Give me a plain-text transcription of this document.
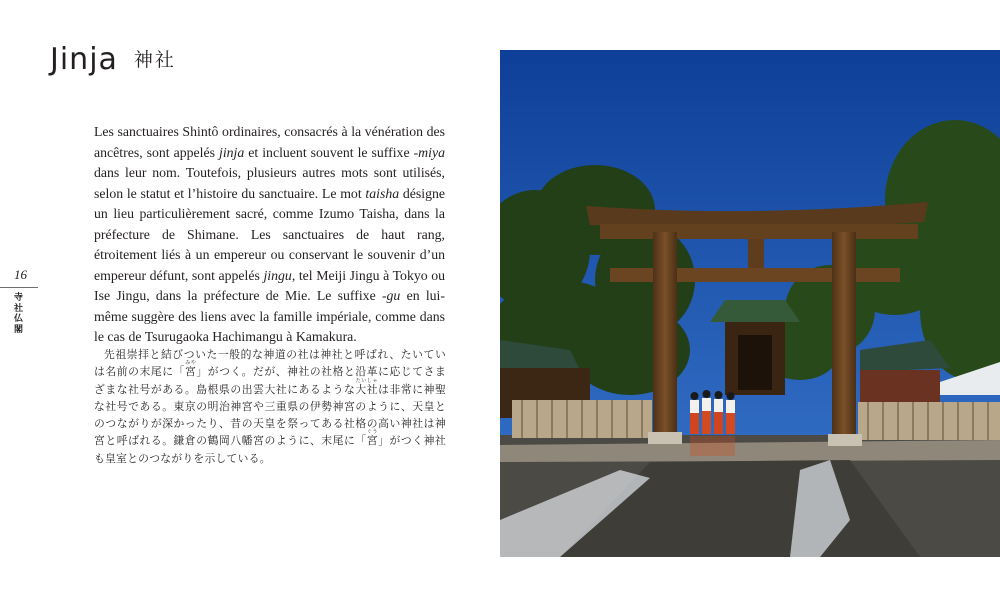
Jinja 神社

Les sanctuaires Shintô ordinaires, consacrés à la vénération des ancêtres, sont appelés jinja et incluent souvent le suffixe -miya dans leur nom. Toutefois, plusieurs autres mots sont utilisés, selon le statut et l’histoire du sanctuaire. Le mot taisha désigne un lieu particulièrement sacré, comme Izumo Taisha, dans la préfecture de Shimane. Les sanctuaires de haut rang, étroitement liés à un empereur ou conservant le souvenir d’un empereur défunt, sont appelés jingu, tel Meiji Jingu à Tokyo ou Ise Jingu, dans la préfecture de Mie. Le suffixe -gu en lui-même suggère des liens avec la famille impériale, comme dans le cas de Tsurugaoka Hachimangu à Kamakura.

先祖崇拝と結びついた一般的な神道の社は神社と呼ばれ、たいていは名前の末尾に「宮みや」がつく。だが、神社の社格と沿革に応じてさまざまな社号がある。島根県の出雲大社にあるような大社たいしゃは非常に神聖な社号である。東京の明治神宮や三重県の伊勢神宮のように、天皇とのつながりが深かったり、昔の天皇を祭ってある社格の高い神社は神宮と呼ばれる。鎌倉の鶴岡八幡宮のように、末尾に「宮ぐう」がつく神社も皇室とのつながりを示している。

16
寺社仏閣
